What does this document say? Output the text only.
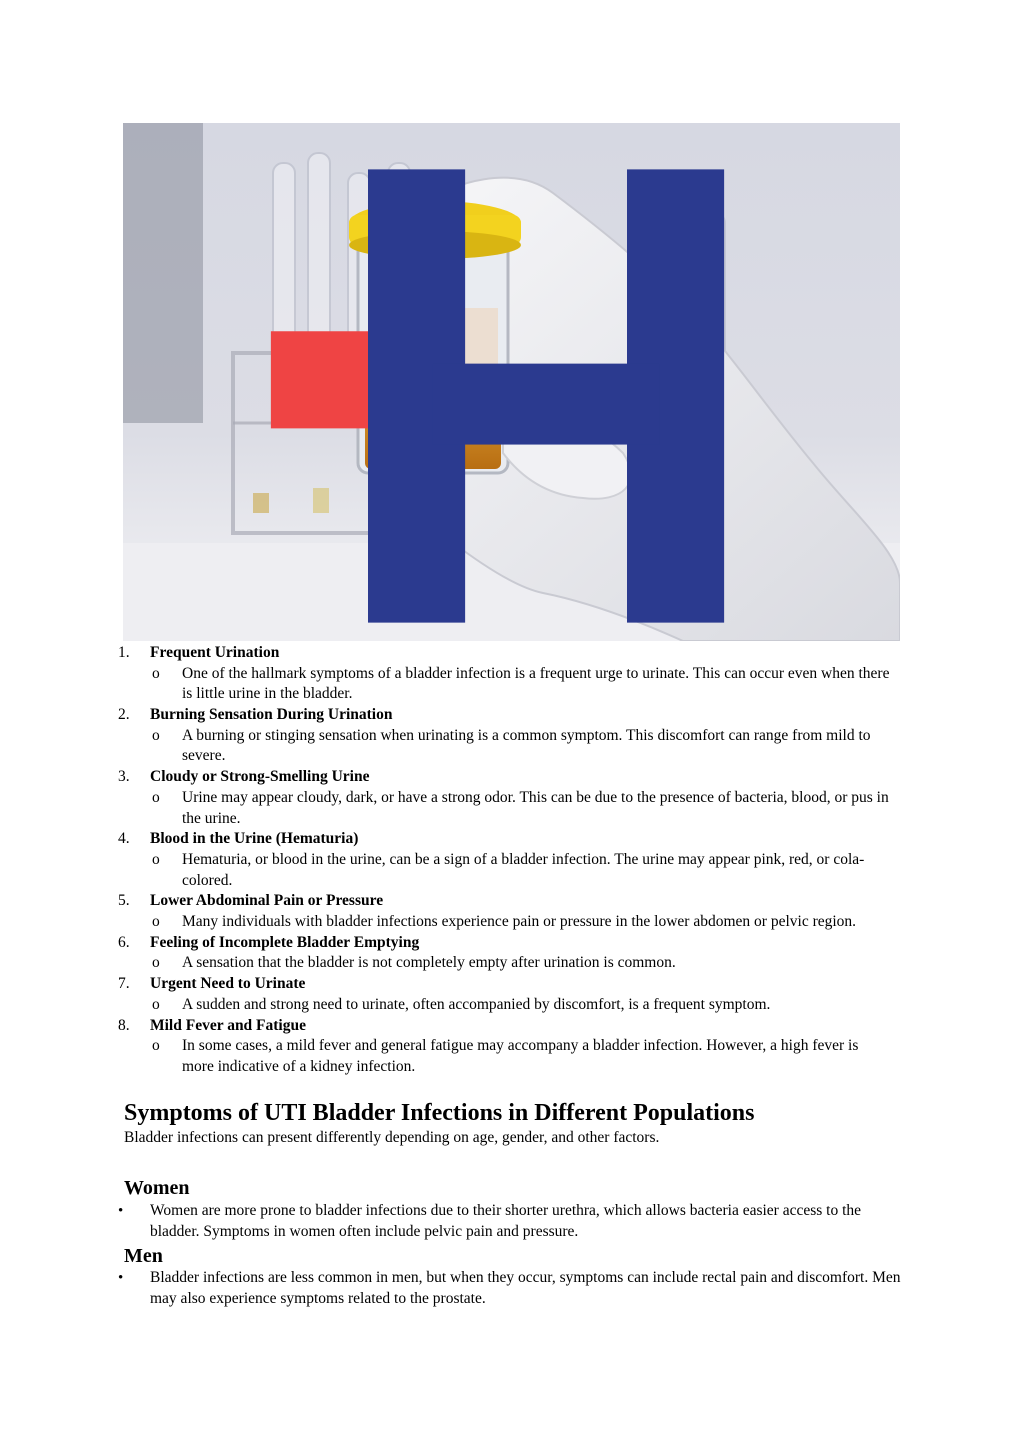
1. Frequent Urination
o One of the hallmark symptoms of a bladder infection is a frequent urge to urinate. This can occur even when there is little urine in the bladder.
2. Burning Sensation During Urination
o A burning or stinging sensation when urinating is a common symptom. This discomfort can range from mild to severe.
3. Cloudy or Strong-Smelling Urine
o Urine may appear cloudy, dark, or have a strong odor. This can be due to the presence of bacteria, blood, or pus in the urine.
4. Blood in the Urine (Hematuria)
o Hematuria, or blood in the urine, can be a sign of a bladder infection. The urine may appear pink, red, or cola-colored.
5. Lower Abdominal Pain or Pressure
o Many individuals with bladder infections experience pain or pressure in the lower abdomen or pelvic region.
6. Feeling of Incomplete Bladder Emptying
o A sensation that the bladder is not completely empty after urination is common.
7. Urgent Need to Urinate
o A sudden and strong need to urinate, often accompanied by discomfort, is a frequent symptom.
8. Mild Fever and Fatigue
o In some cases, a mild fever and general fatigue may accompany a bladder infection. However, a high fever is more indicative of a kidney infection.
Symptoms of UTI Bladder Infections in Different Populations
Bladder infections can present differently depending on age, gender, and other factors.
Women
• Women are more prone to bladder infections due to their shorter urethra, which allows bacteria easier access to the bladder. Symptoms in women often include pelvic pain and pressure.
Men
• Bladder infections are less common in men, but when they occur, symptoms can include rectal pain and discomfort. Men may also experience symptoms related to the prostate.
